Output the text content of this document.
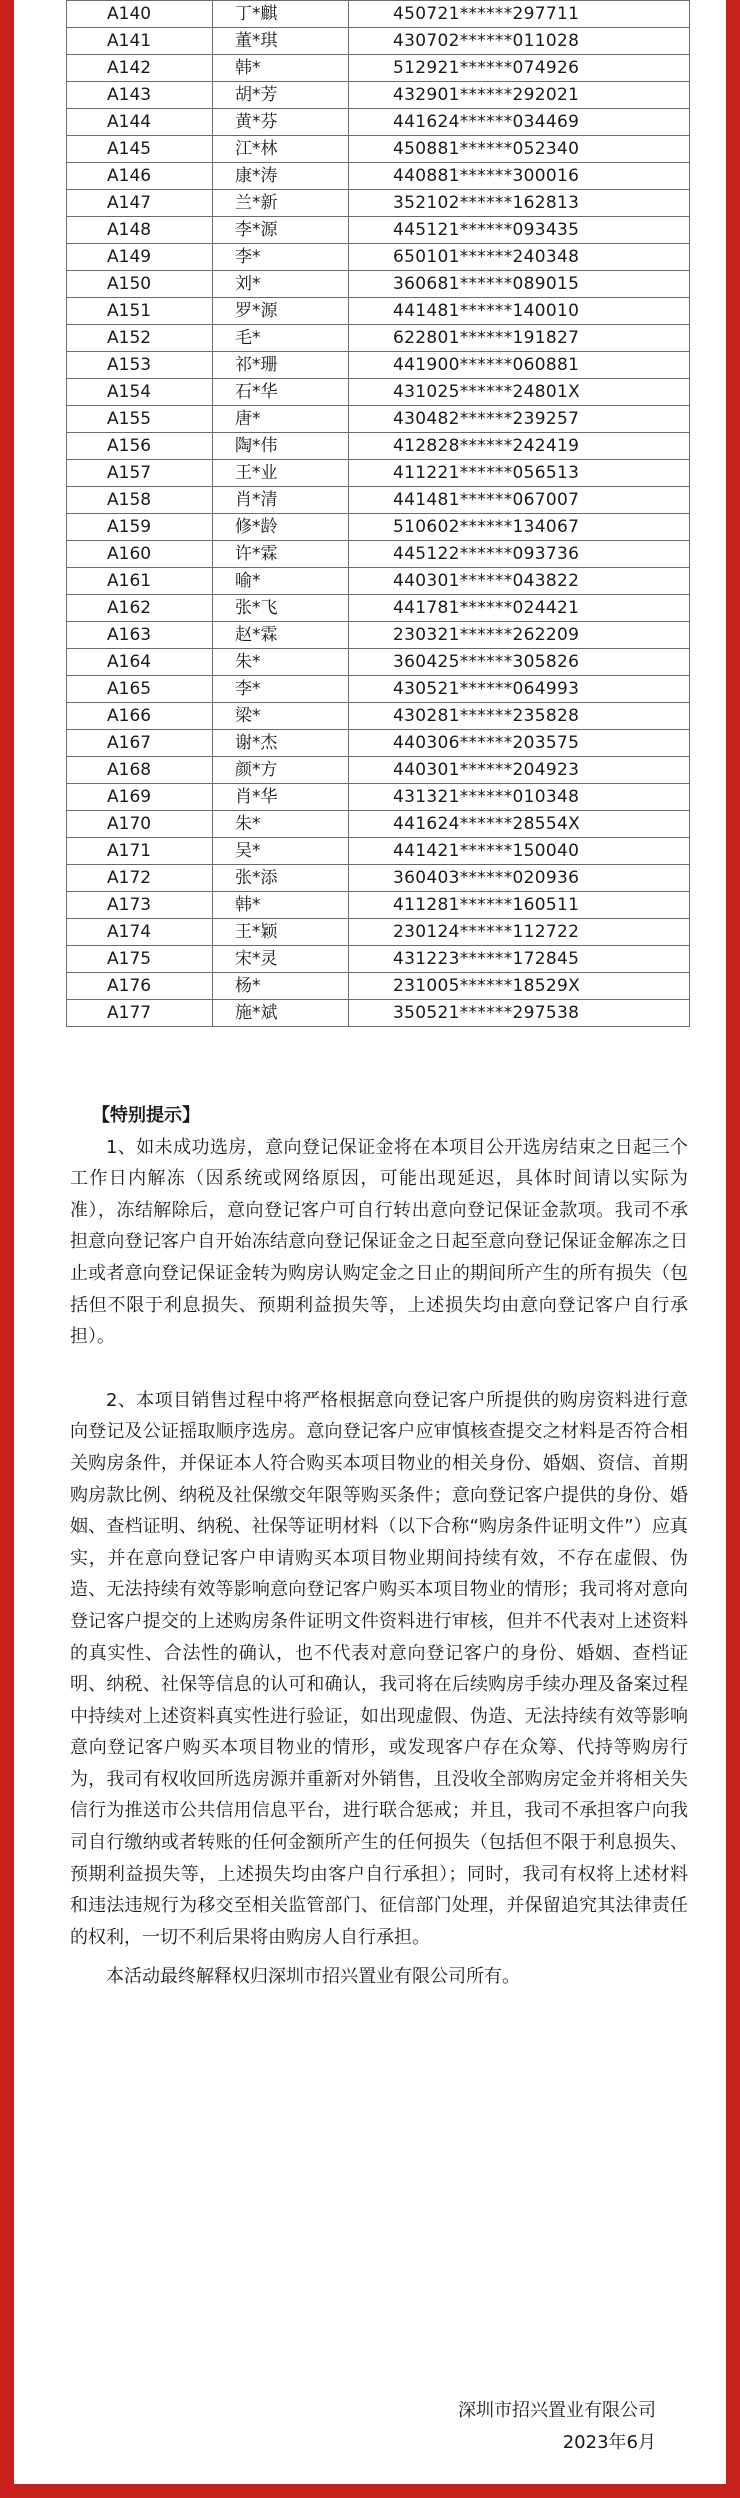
A140	丁*麒	450721******297711
A141	董*琪	430702******011028
A142	韩*	512921******074926
A143	胡*芳	432901******292021
A144	黄*芬	441624******034469
A145	江*林	450881******052340
A146	康*涛	440881******300016
A147	兰*新	352102******162813
A148	李*源	445121******093435
A149	李*	650101******240348
A150	刘*	360681******089015
A151	罗*源	441481******140010
A152	毛*	622801******191827
A153	祁*珊	441900******060881
A154	石*华	431025******24801X
A155	唐*	430482******239257
A156	陶*伟	412828******242419
A157	王*业	411221******056513
A158	肖*清	441481******067007
A159	修*龄	510602******134067
A160	许*霖	445122******093736
A161	喻*	440301******043822
A162	张*飞	441781******024421
A163	赵*霖	230321******262209
A164	朱*	360425******305826
A165	李*	430521******064993
A166	梁*	430281******235828
A167	谢*杰	440306******203575
A168	颜*方	440301******204923
A169	肖*华	431321******010348
A170	朱*	441624******28554X
A171	吴*	441421******150040
A172	张*添	360403******020936
A173	韩*	411281******160511
A174	王*颖	230124******112722
A175	宋*灵	431223******172845
A176	杨*	231005******18529X
A177	施*斌	350521******297538
【特别提示】

1、如未成功选房，意向登记保证金将在本项目公开选房结束之日起三个工作日内解冻（因系统或网络原因，可能出现延迟，具体时间请以实际为准），冻结解除后，意向登记客户可自行转出意向登记保证金款项。我司不承担意向登记客户自开始冻结意向登记保证金之日起至意向登记保证金解冻之日止或者意向登记保证金转为购房认购定金之日止的期间所产生的所有损失（包括但不限于利息损失、预期利益损失等，上述损失均由意向登记客户自行承担）。

2、本项目销售过程中将严格根据意向登记客户所提供的购房资料进行意向登记及公证摇取顺序选房。意向登记客户应审慎核查提交之材料是否符合相关购房条件，并保证本人符合购买本项目物业的相关身份、婚姻、资信、首期购房款比例、纳税及社保缴交年限等购买条件；意向登记客户提供的身份、婚姻、查档证明、纳税、社保等证明材料（以下合称“购房条件证明文件”）应真实，并在意向登记客户申请购买本项目物业期间持续有效，不存在虚假、伪造、无法持续有效等影响意向登记客户购买本项目物业的情形；我司将对意向登记客户提交的上述购房条件证明文件资料进行审核，但并不代表对上述资料的真实性、合法性的确认，也不代表对意向登记客户的身份、婚姻、查档证明、纳税、社保等信息的认可和确认，我司将在后续购房手续办理及备案过程中持续对上述资料真实性进行验证，如出现虚假、伪造、无法持续有效等影响意向登记客户购买本项目物业的情形，或发现客户存在众筹、代持等购房行为，我司有权收回所选房源并重新对外销售，且没收全部购房定金并将相关失信行为推送市公共信用信息平台，进行联合惩戒；并且，我司不承担客户向我司自行缴纳或者转账的任何金额所产生的任何损失（包括但不限于利息损失、预期利益损失等，上述损失均由客户自行承担）；同时，我司有权将上述材料和违法违规行为移交至相关监管部门、征信部门处理，并保留追究其法律责任的权利，一切不利后果将由购房人自行承担。

本活动最终解释权归深圳市招兴置业有限公司所有。

深圳市招兴置业有限公司
2023年6月
